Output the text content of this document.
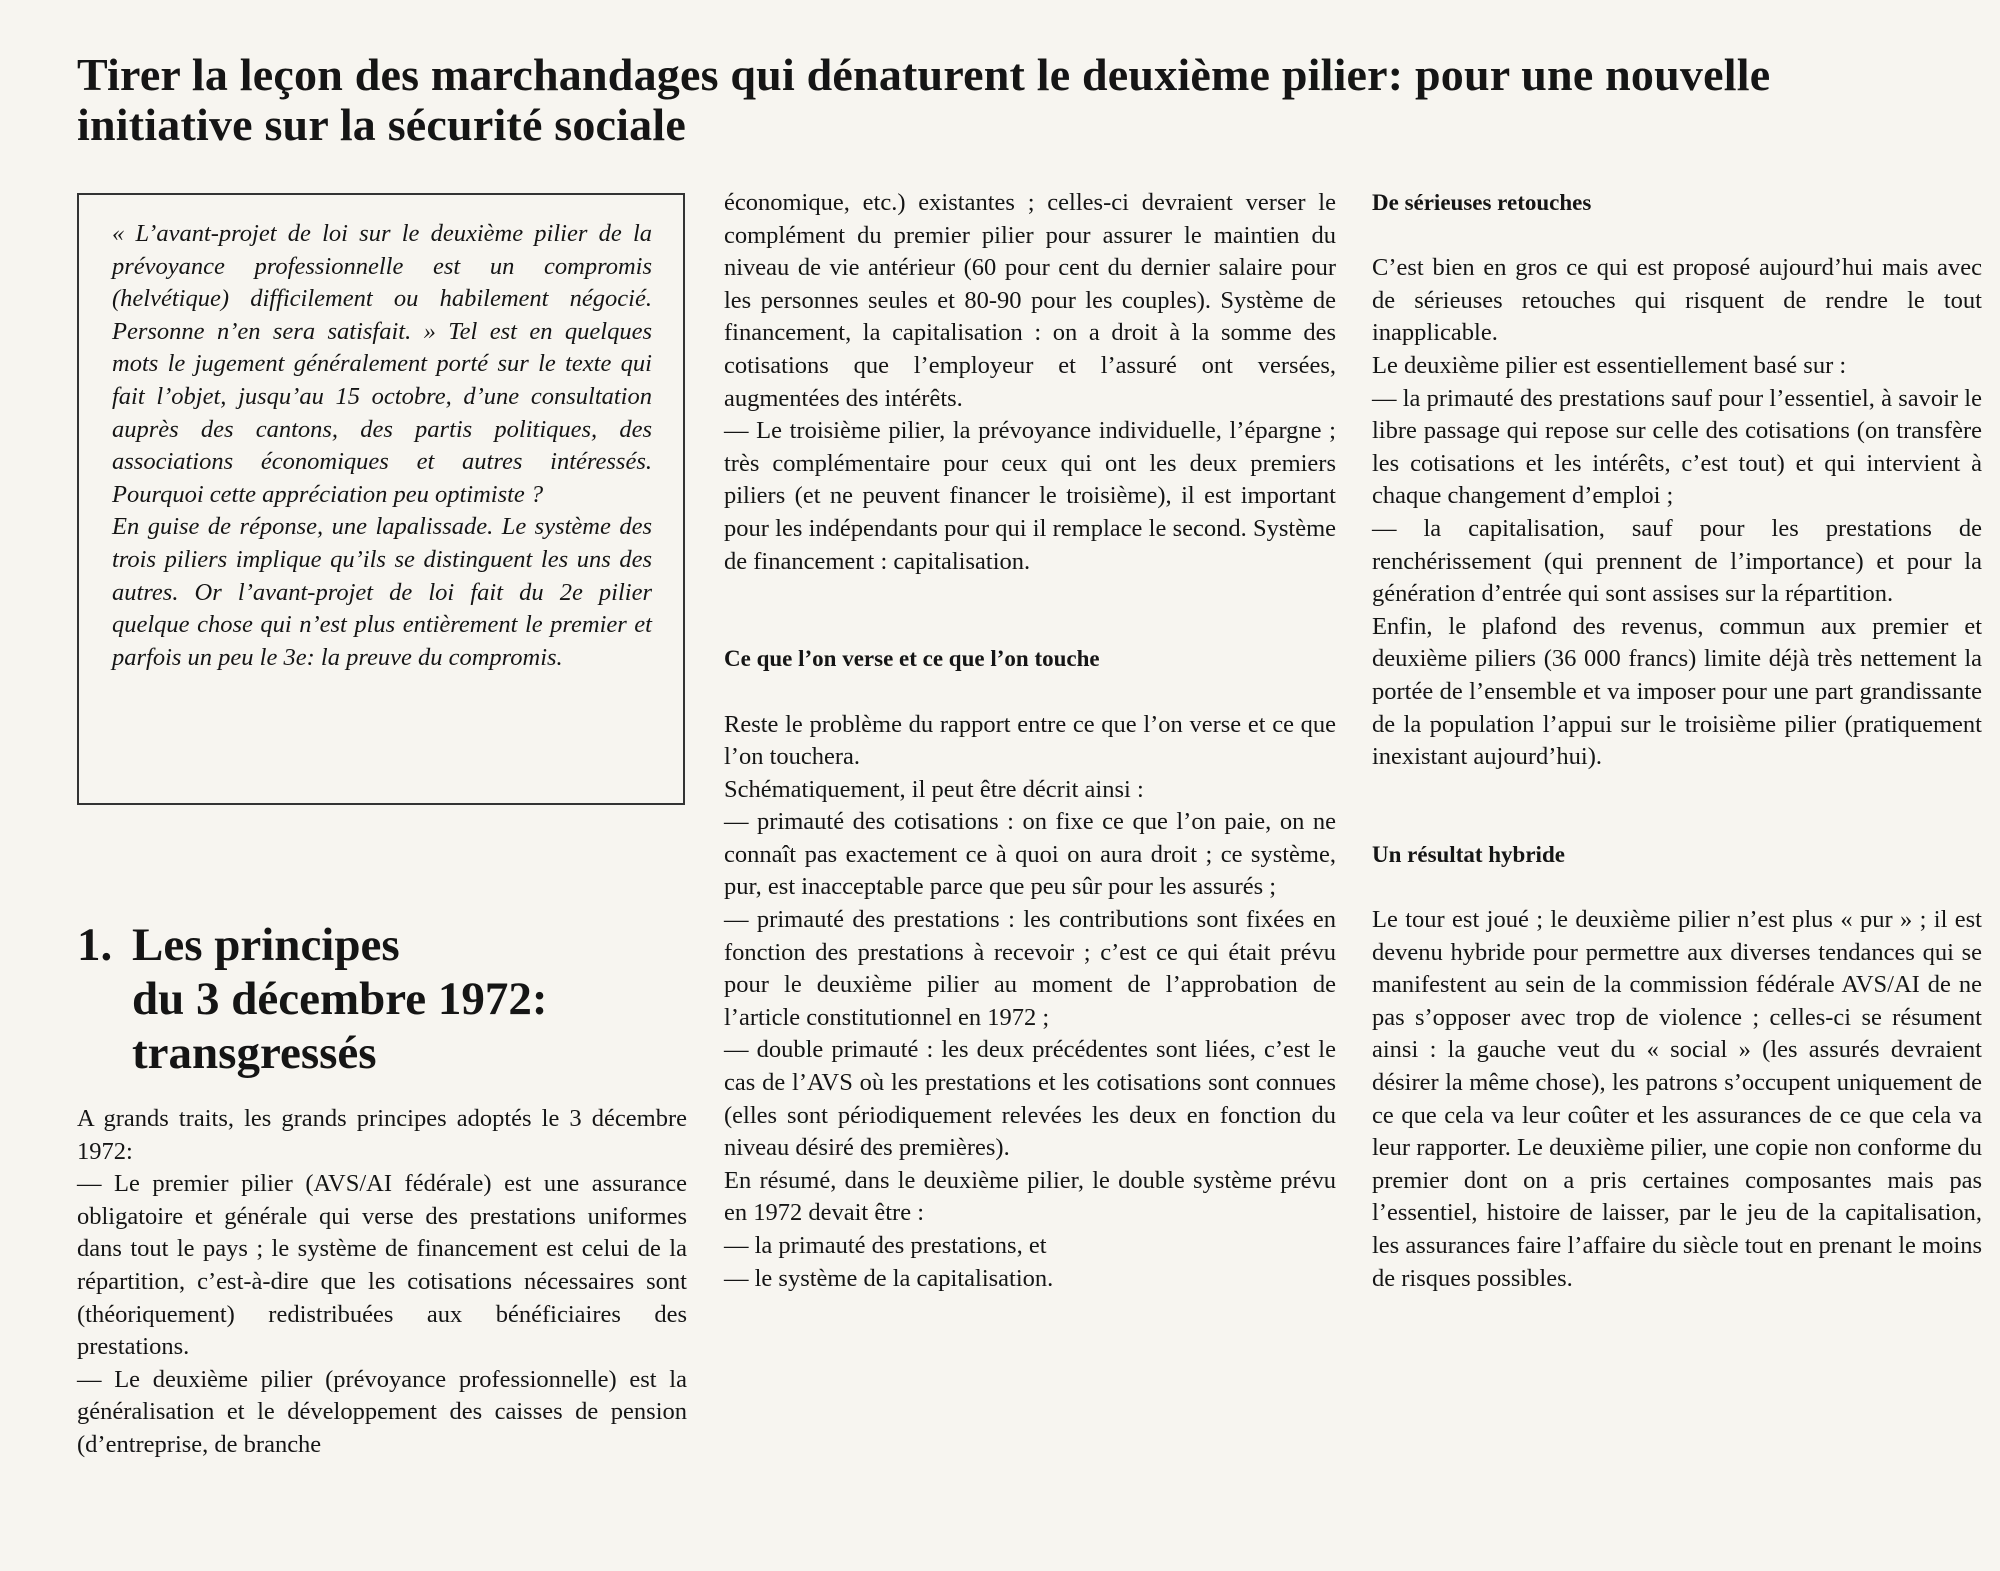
Tirer la leçon des marchandages qui dénaturent le deuxième pilier: pour une nouvelle initiative sur la sécurité sociale

« L’avant-projet de loi sur le deuxième pilier de la prévoyance professionnelle est un compromis (helvétique) difficilement ou habilement négocié. Personne n’en sera satisfait. » Tel est en quelques mots le jugement généralement porté sur le texte qui fait l’objet, jusqu’au 15 octobre, d’une consultation auprès des cantons, des partis politiques, des associations économiques et autres intéressés. Pourquoi cette appréciation peu optimiste ?

En guise de réponse, une lapalissade. Le système des trois piliers implique qu’ils se distinguent les uns des autres. Or l’avant-projet de loi fait du 2e pilier quelque chose qui n’est plus entièrement le premier et parfois un peu le 3e: la preuve du compromis.

1. Les principes
du 3 décembre 1972:
transgressés

A grands traits, les grands principes adoptés le 3 décembre 1972:

— Le premier pilier (AVS/AI fédérale) est une assurance obligatoire et générale qui verse des prestations uniformes dans tout le pays ; le système de financement est celui de la répartition, c’est-à-dire que les cotisations nécessaires sont (théoriquement) redistribuées aux bénéficiaires des prestations.

— Le deuxième pilier (prévoyance professionnelle) est la généralisation et le développement des caisses de pension (d’entreprise, de branche

économique, etc.) existantes ; celles-ci devraient verser le complément du premier pilier pour assurer le maintien du niveau de vie antérieur (60 pour cent du dernier salaire pour les personnes seules et 80-90 pour les couples). Système de financement, la capitalisation : on a droit à la somme des cotisations que l’employeur et l’assuré ont versées, augmentées des intérêts.

— Le troisième pilier, la prévoyance individuelle, l’épargne ; très complémentaire pour ceux qui ont les deux premiers piliers (et ne peuvent financer le troisième), il est important pour les indépendants pour qui il remplace le second. Système de financement : capitalisation.

Ce que l’on verse et ce que l’on touche

Reste le problème du rapport entre ce que l’on verse et ce que l’on touchera.

Schématiquement, il peut être décrit ainsi :

— primauté des cotisations : on fixe ce que l’on paie, on ne connaît pas exactement ce à quoi on aura droit ; ce système, pur, est inacceptable parce que peu sûr pour les assurés ;

— primauté des prestations : les contributions sont fixées en fonction des prestations à recevoir ; c’est ce qui était prévu pour le deuxième pilier au moment de l’approbation de l’article constitutionnel en 1972 ;

— double primauté : les deux précédentes sont liées, c’est le cas de l’AVS où les prestations et les cotisations sont connues (elles sont périodiquement relevées les deux en fonction du niveau désiré des premières).

En résumé, dans le deuxième pilier, le double système prévu en 1972 devait être :

— la primauté des prestations, et

— le système de la capitalisation.

De sérieuses retouches

C’est bien en gros ce qui est proposé aujourd’hui mais avec de sérieuses retouches qui risquent de rendre le tout inapplicable.

Le deuxième pilier est essentiellement basé sur :

— la primauté des prestations sauf pour l’essentiel, à savoir le libre passage qui repose sur celle des cotisations (on transfère les cotisations et les intérêts, c’est tout) et qui intervient à chaque changement d’emploi ;

— la capitalisation, sauf pour les prestations de renchérissement (qui prennent de l’importance) et pour la génération d’entrée qui sont assises sur la répartition.

Enfin, le plafond des revenus, commun aux premier et deuxième piliers (36 000 francs) limite déjà très nettement la portée de l’ensemble et va imposer pour une part grandissante de la population l’appui sur le troisième pilier (pratiquement inexistant aujourd’hui).

Un résultat hybride

Le tour est joué ; le deuxième pilier n’est plus « pur » ; il est devenu hybride pour permettre aux diverses tendances qui se manifestent au sein de la commission fédérale AVS/AI de ne pas s’opposer avec trop de violence ; celles-ci se résument ainsi : la gauche veut du « social » (les assurés devraient désirer la même chose), les patrons s’occupent uniquement de ce que cela va leur coûter et les assurances de ce que cela va leur rapporter. Le deuxième pilier, une copie non conforme du premier dont on a pris certaines composantes mais pas l’essentiel, histoire de laisser, par le jeu de la capitalisation, les assurances faire l’affaire du siècle tout en prenant le moins de risques possibles.
